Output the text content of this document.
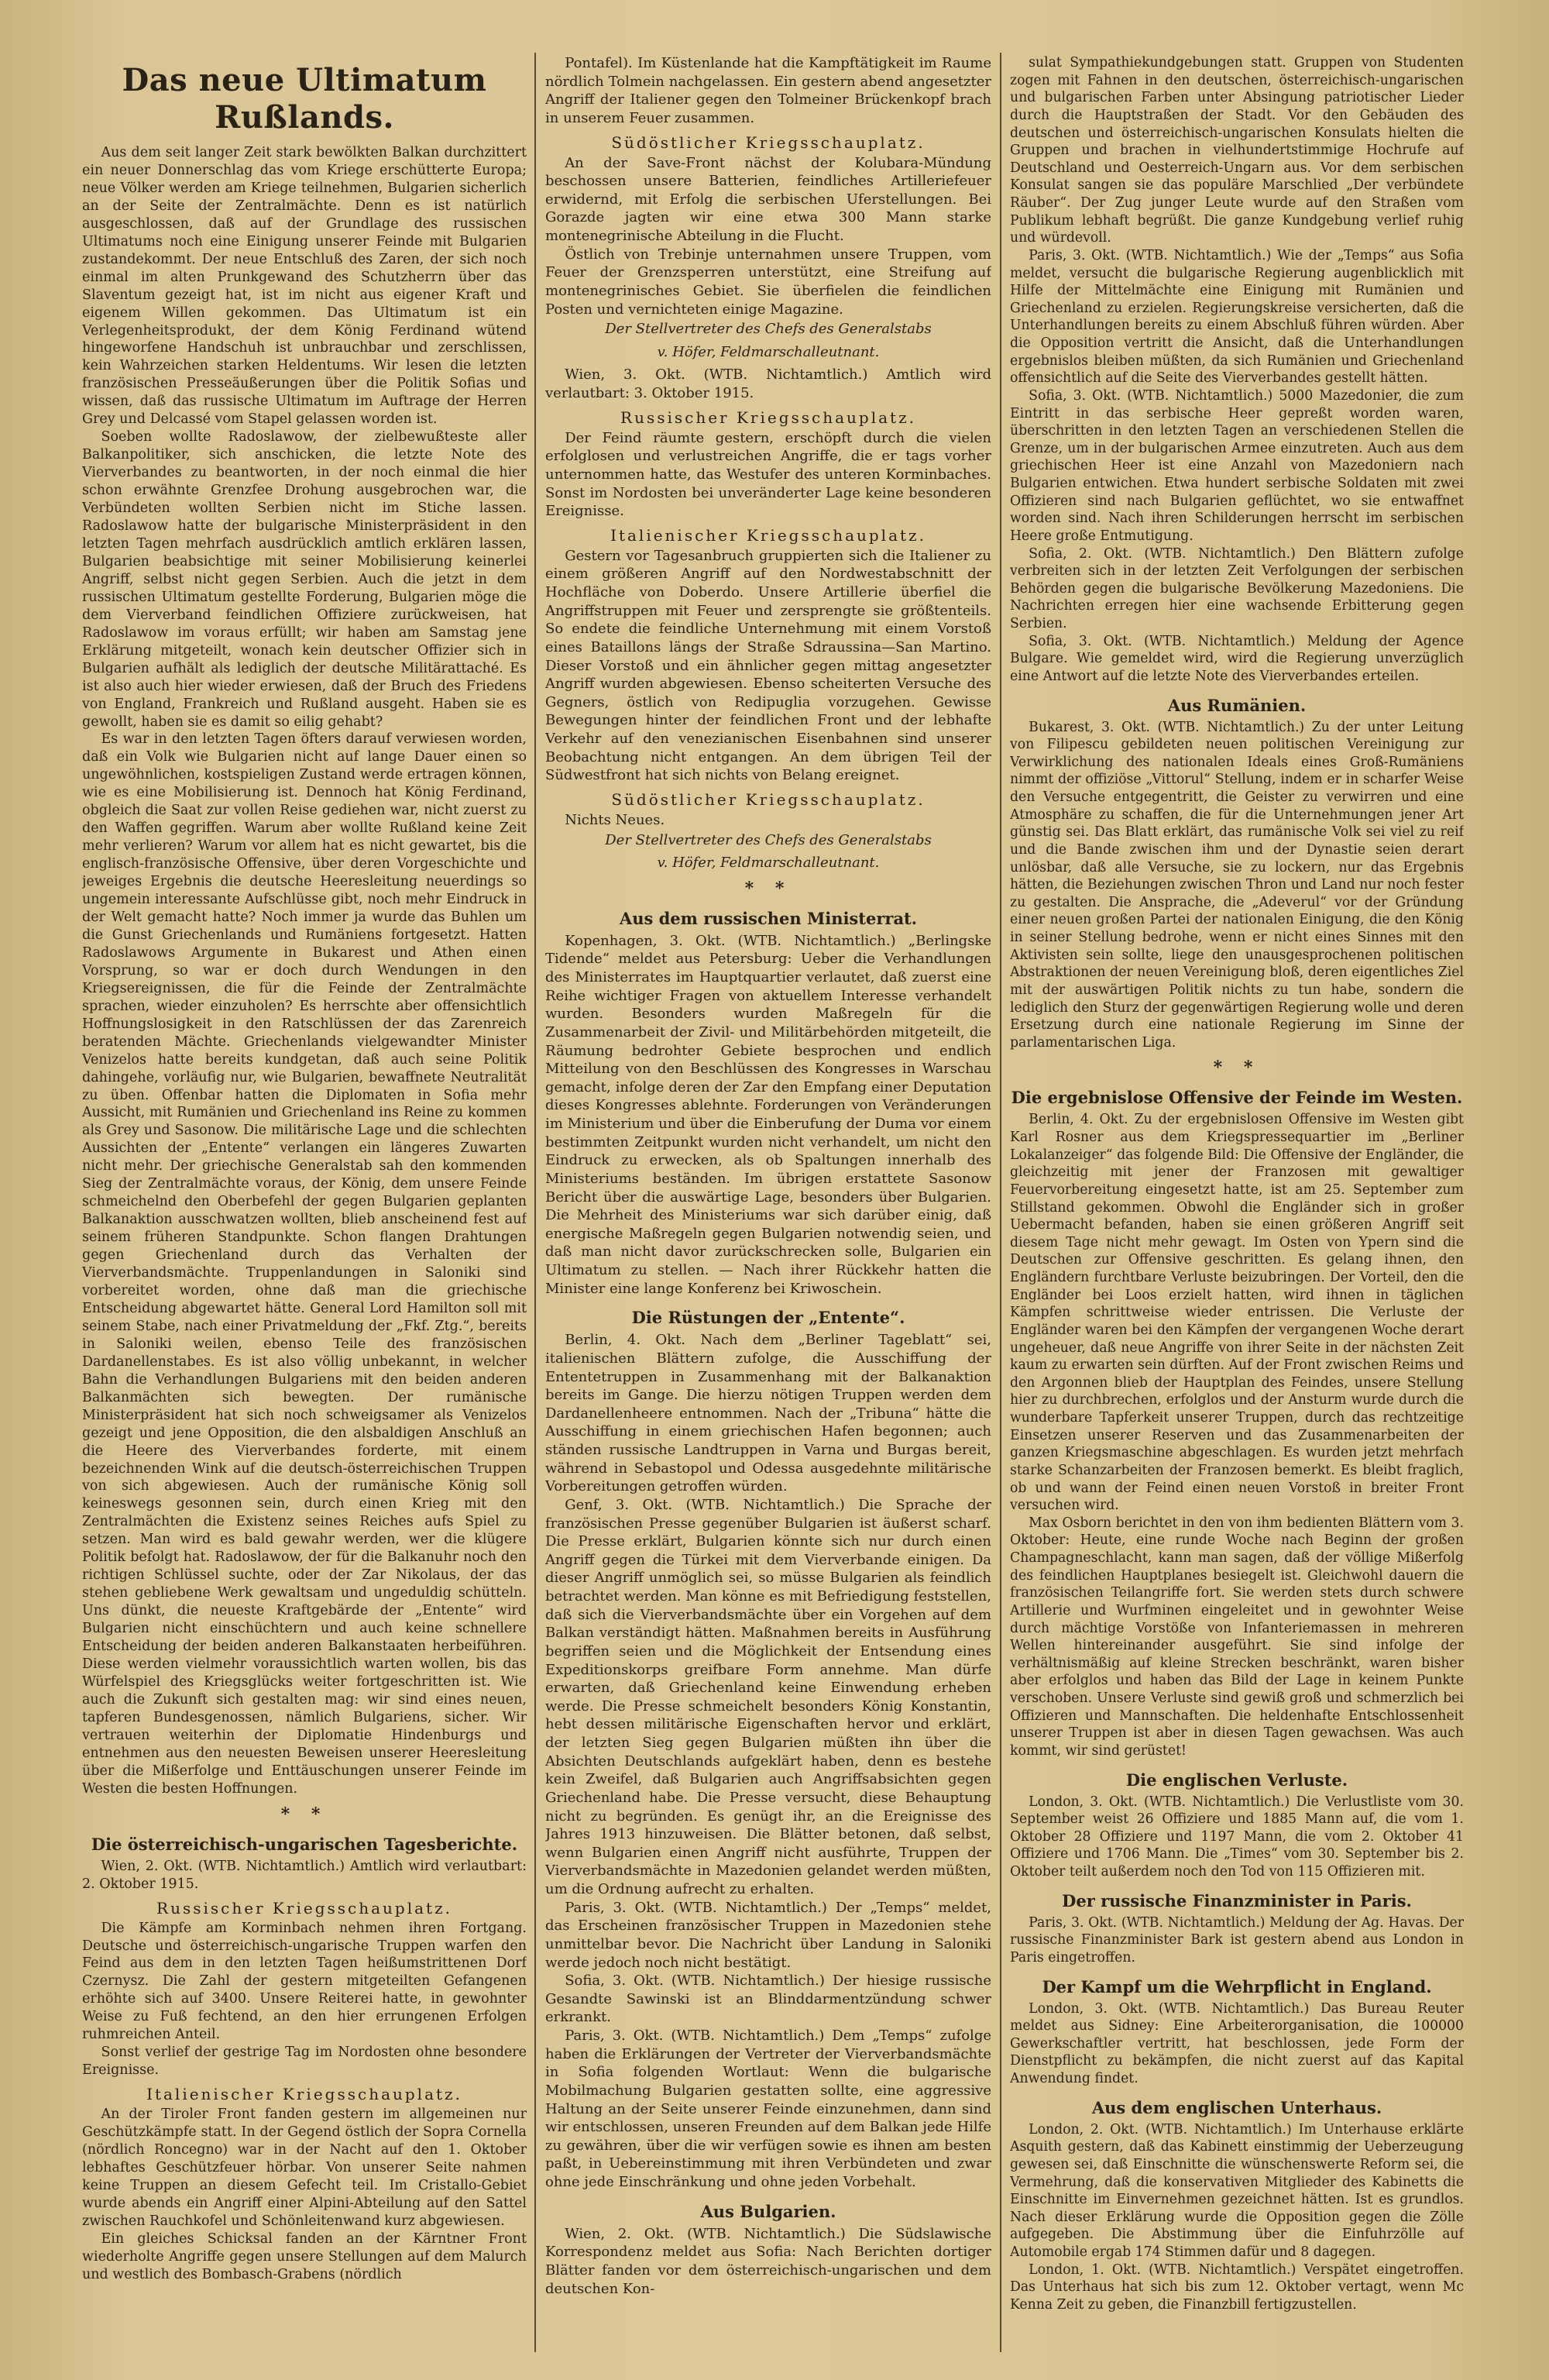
Das neue Ultimatum Rußlands.

Aus dem seit langer Zeit stark bewölkten Balkan durchzittert ein neuer Donnerschlag das vom Kriege erschütterte Europa; neue Völker werden am Kriege teilnehmen, Bulgarien sicherlich an der Seite der Zentralmächte. Denn es ist natürlich ausgeschlossen, daß auf der Grundlage des russischen Ultimatums noch eine Einigung unserer Feinde mit Bulgarien zustandekommt. Der neue Entschluß des Zaren, der sich noch einmal im alten Prunkgewand des Schutzherrn über das Slaventum gezeigt hat, ist im nicht aus eigener Kraft und eigenem Willen gekommen. Das Ultimatum ist ein Verlegenheitsprodukt, der dem König Ferdinand wütend hingeworfene Handschuh ist unbrauchbar und zerschlissen, kein Wahrzeichen starken Heldentums. Wir lesen die letzten französischen Presseäußerungen über die Politik Sofias und wissen, daß das russische Ultimatum im Auftrage der Herren Grey und Delcassé vom Stapel gelassen worden ist.

Soeben wollte Radoslawow, der zielbewußteste aller Balkanpolitiker, sich anschicken, die letzte Note des Vierverbandes zu beantworten, in der noch einmal die hier schon erwähnte Grenzfee Drohung ausgebrochen war, die Verbündeten wollten Serbien nicht im Stiche lassen. Radoslawow hatte der bulgarische Ministerpräsident in den letzten Tagen mehrfach ausdrücklich amtlich erklären lassen, Bulgarien beabsichtige mit seiner Mobilisierung keinerlei Angriff, selbst nicht gegen Serbien. Auch die jetzt in dem russischen Ultimatum gestellte Forderung, Bulgarien möge die dem Vierverband feindlichen Offiziere zurückweisen, hat Radoslawow im voraus erfüllt; wir haben am Samstag jene Erklärung mitgeteilt, wonach kein deutscher Offizier sich in Bulgarien aufhält als lediglich der deutsche Militärattaché. Es ist also auch hier wieder erwiesen, daß der Bruch des Friedens von England, Frankreich und Rußland ausgeht. Haben sie es gewollt, haben sie es damit so eilig gehabt?

Es war in den letzten Tagen öfters darauf verwiesen worden, daß ein Volk wie Bulgarien nicht auf lange Dauer einen so ungewöhnlichen, kostspieligen Zustand werde ertragen können, wie es eine Mobilisierung ist. Dennoch hat König Ferdinand, obgleich die Saat zur vollen Reise gediehen war, nicht zuerst zu den Waffen gegriffen. Warum aber wollte Rußland keine Zeit mehr verlieren? Warum vor allem hat es nicht gewartet, bis die englisch-französische Offensive, über deren Vorgeschichte und jeweiges Ergebnis die deutsche Heeresleitung neuerdings so ungemein interessante Aufschlüsse gibt, noch mehr Eindruck in der Welt gemacht hatte? Noch immer ja wurde das Buhlen um die Gunst Griechenlands und Rumäniens fortgesetzt. Hatten Radoslawows Argumente in Bukarest und Athen einen Vorsprung, so war er doch durch Wendungen in den Kriegsereignissen, die für die Feinde der Zentralmächte sprachen, wieder einzuholen? Es herrschte aber offensichtlich Hoffnungslosigkeit in den Ratschlüssen der das Zarenreich beratenden Mächte. Griechenlands vielgewandter Minister Venizelos hatte bereits kundgetan, daß auch seine Politik dahingehe, vorläufig nur, wie Bulgarien, bewaffnete Neutralität zu üben. Offenbar hatten die Diplomaten in Sofia mehr Aussicht, mit Rumänien und Griechenland ins Reine zu kommen als Grey und Sasonow. Die militärische Lage und die schlechten Aussichten der „Entente“ verlangen ein längeres Zuwarten nicht mehr. Der griechische Generalstab sah den kommenden Sieg der Zentralmächte voraus, der König, dem unsere Feinde schmeichelnd den Oberbefehl der gegen Bulgarien geplanten Balkanaktion ausschwatzen wollten, blieb anscheinend fest auf seinem früheren Standpunkte. Schon flangen Drahtungen gegen Griechenland durch das Verhalten der Vierverbandsmächte. Truppenlandungen in Saloniki sind vorbereitet worden, ohne daß man die griechische Entscheidung abgewartet hätte. General Lord Hamilton soll mit seinem Stabe, nach einer Privatmeldung der „Fkf. Ztg.“, bereits in Saloniki weilen, ebenso Teile des französischen Dardanellenstabes. Es ist also völlig unbekannt, in welcher Bahn die Verhandlungen Bulgariens mit den beiden anderen Balkanmächten sich bewegten. Der rumänische Ministerpräsident hat sich noch schweigsamer als Venizelos gezeigt und jene Opposition, die den alsbaldigen Anschluß an die Heere des Vierverbandes forderte, mit einem bezeichnenden Wink auf die deutsch-österreichischen Truppen von sich abgewiesen. Auch der rumänische König soll keineswegs gesonnen sein, durch einen Krieg mit den Zentralmächten die Existenz seines Reiches aufs Spiel zu setzen. Man wird es bald gewahr werden, wer die klügere Politik befolgt hat. Radoslawow, der für die Balkanuhr noch den richtigen Schlüssel suchte, oder der Zar Nikolaus, der das stehen gebliebene Werk gewaltsam und ungeduldig schütteln. Uns dünkt, die neueste Kraftgebärde der „Entente“ wird Bulgarien nicht einschüchtern und auch keine schnellere Entscheidung der beiden anderen Balkanstaaten herbeiführen. Diese werden vielmehr voraussichtlich warten wollen, bis das Würfelspiel des Kriegsglücks weiter fortgeschritten ist. Wie auch die Zukunft sich gestalten mag: wir sind eines neuen, tapferen Bundesgenossen, nämlich Bulgariens, sicher. Wir vertrauen weiterhin der Diplomatie Hindenburgs und entnehmen aus den neuesten Beweisen unserer Heeresleitung über die Mißerfolge und Enttäuschungen unserer Feinde im Westen die besten Hoffnungen.

* *
Die österreichisch-ungarischen Tagesberichte.

Wien, 2. Okt. (WTB. Nichtamtlich.) Amtlich wird verlautbart: 2. Oktober 1915.

Russischer Kriegsschauplatz.

Die Kämpfe am Korminbach nehmen ihren Fortgang. Deutsche und österreichisch-ungarische Truppen warfen den Feind aus dem in den letzten Tagen heißumstrittenen Dorf Czernysz. Die Zahl der gestern mitgeteilten Gefangenen erhöhte sich auf 3400. Unsere Reiterei hatte, in gewohnter Weise zu Fuß fechtend, an den hier errungenen Erfolgen ruhmreichen Anteil.

Sonst verlief der gestrige Tag im Nordosten ohne besondere Ereignisse.

Italienischer Kriegsschauplatz.

An der Tiroler Front fanden gestern im allgemeinen nur Geschützkämpfe statt. In der Gegend östlich der Sopra Cornella (nördlich Roncegno) war in der Nacht auf den 1. Oktober lebhaftes Geschützfeuer hörbar. Von unserer Seite nahmen keine Truppen an diesem Gefecht teil. Im Cristallo-Gebiet wurde abends ein Angriff einer Alpini-Abteilung auf den Sattel zwischen Rauchkofel und Schönleitenwand kurz abgewiesen.

Ein gleiches Schicksal fanden an der Kärntner Front wiederholte Angriffe gegen unsere Stellungen auf dem Malurch und westlich des Bombasch-Grabens (nördlich

Pontafel). Im Küstenlande hat die Kampftätigkeit im Raume nördlich Tolmein nachgelassen. Ein gestern abend angesetzter Angriff der Italiener gegen den Tolmeiner Brückenkopf brach in unserem Feuer zusammen.

Südöstlicher Kriegsschauplatz.

An der Save-Front nächst der Kolubara-Mündung beschossen unsere Batterien, feindliches Artilleriefeuer erwidernd, mit Erfolg die serbischen Uferstellungen. Bei Gorazde jagten wir eine etwa 300 Mann starke montenegrinische Abteilung in die Flucht.

Östlich von Trebinje unternahmen unsere Truppen, vom Feuer der Grenzsperren unterstützt, eine Streifung auf montenegrinisches Gebiet. Sie überfielen die feindlichen Posten und vernichteten einige Magazine.

Der Stellvertreter des Chefs des Generalstabs
v. Höfer, Feldmarschalleutnant.

Wien, 3. Okt. (WTB. Nichtamtlich.) Amtlich wird verlautbart: 3. Oktober 1915.

Russischer Kriegsschauplatz.

Der Feind räumte gestern, erschöpft durch die vielen erfolglosen und verlustreichen Angriffe, die er tags vorher unternommen hatte, das Westufer des unteren Korminbaches. Sonst im Nordosten bei unveränderter Lage keine besonderen Ereignisse.

Italienischer Kriegsschauplatz.

Gestern vor Tagesanbruch gruppierten sich die Italiener zu einem größeren Angriff auf den Nordwestabschnitt der Hochfläche von Doberdo. Unsere Artillerie überfiel die Angriffstruppen mit Feuer und zersprengte sie größtenteils. So endete die feindliche Unternehmung mit einem Vorstoß eines Bataillons längs der Straße Sdraussina—San Martino. Dieser Vorstoß und ein ähnlicher gegen mittag angesetzter Angriff wurden abgewiesen. Ebenso scheiterten Versuche des Gegners, östlich von Redipuglia vorzugehen. Gewisse Bewegungen hinter der feindlichen Front und der lebhafte Verkehr auf den venezianischen Eisenbahnen sind unserer Beobachtung nicht entgangen. An dem übrigen Teil der Südwestfront hat sich nichts von Belang ereignet.

Südöstlicher Kriegsschauplatz.

Nichts Neues.

Der Stellvertreter des Chefs des Generalstabs
v. Höfer, Feldmarschalleutnant.
* *
Aus dem russischen Ministerrat.

Kopenhagen, 3. Okt. (WTB. Nichtamtlich.) „Berlingske Tidende“ meldet aus Petersburg: Ueber die Verhandlungen des Ministerrates im Hauptquartier verlautet, daß zuerst eine Reihe wichtiger Fragen von aktuellem Interesse verhandelt wurden. Besonders wurden Maßregeln für die Zusammenarbeit der Zivil- und Militärbehörden mitgeteilt, die Räumung bedrohter Gebiete besprochen und endlich Mitteilung von den Beschlüssen des Kongresses in Warschau gemacht, infolge deren der Zar den Empfang einer Deputation dieses Kongresses ablehnte. Forderungen von Veränderungen im Ministerium und über die Einberufung der Duma vor einem bestimmten Zeitpunkt wurden nicht verhandelt, um nicht den Eindruck zu erwecken, als ob Spaltungen innerhalb des Ministeriums beständen. Im übrigen erstattete Sasonow Bericht über die auswärtige Lage, besonders über Bulgarien. Die Mehrheit des Ministeriums war sich darüber einig, daß energische Maßregeln gegen Bulgarien notwendig seien, und daß man nicht davor zurückschrecken solle, Bulgarien ein Ultimatum zu stellen. — Nach ihrer Rückkehr hatten die Minister eine lange Konferenz bei Kriwoschein.

Die Rüstungen der „Entente“.

Berlin, 4. Okt. Nach dem „Berliner Tageblatt“ sei, italienischen Blättern zufolge, die Ausschiffung der Ententetruppen in Zusammenhang mit der Balkanaktion bereits im Gange. Die hierzu nötigen Truppen werden dem Dardanellenheere entnommen. Nach der „Tribuna“ hätte die Ausschiffung in einem griechischen Hafen begonnen; auch ständen russische Landtruppen in Varna und Burgas bereit, während in Sebastopol und Odessa ausgedehnte militärische Vorbereitungen getroffen würden.

Genf, 3. Okt. (WTB. Nichtamtlich.) Die Sprache der französischen Presse gegenüber Bulgarien ist äußerst scharf. Die Presse erklärt, Bulgarien könnte sich nur durch einen Angriff gegen die Türkei mit dem Vierverbande einigen. Da dieser Angriff unmöglich sei, so müsse Bulgarien als feindlich betrachtet werden. Man könne es mit Befriedigung feststellen, daß sich die Vierverbandsmächte über ein Vorgehen auf dem Balkan verständigt hätten. Maßnahmen bereits in Ausführung begriffen seien und die Möglichkeit der Entsendung eines Expeditionskorps greifbare Form annehme. Man dürfe erwarten, daß Griechenland keine Einwendung erheben werde. Die Presse schmeichelt besonders König Konstantin, hebt dessen militärische Eigenschaften hervor und erklärt, der letzten Sieg gegen Bulgarien müßten ihn über die Absichten Deutschlands aufgeklärt haben, denn es bestehe kein Zweifel, daß Bulgarien auch Angriffsabsichten gegen Griechenland habe. Die Presse versucht, diese Behauptung nicht zu begründen. Es genügt ihr, an die Ereignisse des Jahres 1913 hinzuweisen. Die Blätter betonen, daß selbst, wenn Bulgarien einen Angriff nicht ausführte, Truppen der Vierverbandsmächte in Mazedonien gelandet werden müßten, um die Ordnung aufrecht zu erhalten.

Paris, 3. Okt. (WTB. Nichtamtlich.) Der „Temps“ meldet, das Erscheinen französischer Truppen in Mazedonien stehe unmittelbar bevor. Die Nachricht über Landung in Saloniki werde jedoch noch nicht bestätigt.

Sofia, 3. Okt. (WTB. Nichtamtlich.) Der hiesige russische Gesandte Sawinski ist an Blinddarmentzündung schwer erkrankt.

Paris, 3. Okt. (WTB. Nichtamtlich.) Dem „Temps“ zufolge haben die Erklärungen der Vertreter der Vierverbandsmächte in Sofia folgenden Wortlaut: Wenn die bulgarische Mobilmachung Bulgarien gestatten sollte, eine aggressive Haltung an der Seite unserer Feinde einzunehmen, dann sind wir entschlossen, unseren Freunden auf dem Balkan jede Hilfe zu gewähren, über die wir verfügen sowie es ihnen am besten paßt, in Uebereinstimmung mit ihren Verbündeten und zwar ohne jede Einschränkung und ohne jeden Vorbehalt.

Aus Bulgarien.

Wien, 2. Okt. (WTB. Nichtamtlich.) Die Südslawische Korrespondenz meldet aus Sofia: Nach Berichten dortiger Blätter fanden vor dem österreichisch-ungarischen und dem deutschen Kon-

sulat Sympathiekundgebungen statt. Gruppen von Studenten zogen mit Fahnen in den deutschen, österreichisch-ungarischen und bulgarischen Farben unter Absingung patriotischer Lieder durch die Hauptstraßen der Stadt. Vor den Gebäuden des deutschen und österreichisch-ungarischen Konsulats hielten die Gruppen und brachen in vielhundertstimmige Hochrufe auf Deutschland und Oesterreich-Ungarn aus. Vor dem serbischen Konsulat sangen sie das populäre Marschlied „Der verbündete Räuber“. Der Zug junger Leute wurde auf den Straßen vom Publikum lebhaft begrüßt. Die ganze Kundgebung verlief ruhig und würdevoll.

Paris, 3. Okt. (WTB. Nichtamtlich.) Wie der „Temps“ aus Sofia meldet, versucht die bulgarische Regierung augenblicklich mit Hilfe der Mittelmächte eine Einigung mit Rumänien und Griechenland zu erzielen. Regierungskreise versicherten, daß die Unterhandlungen bereits zu einem Abschluß führen würden. Aber die Opposition vertritt die Ansicht, daß die Unterhandlungen ergebnislos bleiben müßten, da sich Rumänien und Griechenland offensichtlich auf die Seite des Vierverbandes gestellt hätten.

Sofia, 3. Okt. (WTB. Nichtamtlich.) 5000 Mazedonier, die zum Eintritt in das serbische Heer gepreßt worden waren, überschritten in den letzten Tagen an verschiedenen Stellen die Grenze, um in der bulgarischen Armee einzutreten. Auch aus dem griechischen Heer ist eine Anzahl von Mazedoniern nach Bulgarien entwichen. Etwa hundert serbische Soldaten mit zwei Offizieren sind nach Bulgarien geflüchtet, wo sie entwaffnet worden sind. Nach ihren Schilderungen herrscht im serbischen Heere große Entmutigung.

Sofia, 2. Okt. (WTB. Nichtamtlich.) Den Blättern zufolge verbreiten sich in der letzten Zeit Verfolgungen der serbischen Behörden gegen die bulgarische Bevölkerung Mazedoniens. Die Nachrichten erregen hier eine wachsende Erbitterung gegen Serbien.

Sofia, 3. Okt. (WTB. Nichtamtlich.) Meldung der Agence Bulgare. Wie gemeldet wird, wird die Regierung unverzüglich eine Antwort auf die letzte Note des Vierverbandes erteilen.

Aus Rumänien.

Bukarest, 3. Okt. (WTB. Nichtamtlich.) Zu der unter Leitung von Filipescu gebildeten neuen politischen Vereinigung zur Verwirklichung des nationalen Ideals eines Groß-Rumäniens nimmt der offiziöse „Vittorul“ Stellung, indem er in scharfer Weise den Versuche entgegentritt, die Geister zu verwirren und eine Atmosphäre zu schaffen, die für die Unternehmungen jener Art günstig sei. Das Blatt erklärt, das rumänische Volk sei viel zu reif und die Bande zwischen ihm und der Dynastie seien derart unlösbar, daß alle Versuche, sie zu lockern, nur das Ergebnis hätten, die Beziehungen zwischen Thron und Land nur noch fester zu gestalten. Die Ansprache, die „Adeverul“ vor der Gründung einer neuen großen Partei der nationalen Einigung, die den König in seiner Stellung bedrohe, wenn er nicht eines Sinnes mit den Aktivisten sein sollte, liege den unausgesprochenen politischen Abstraktionen der neuen Vereinigung bloß, deren eigentliches Ziel mit der auswärtigen Politik nichts zu tun habe, sondern die lediglich den Sturz der gegenwärtigen Regierung wolle und deren Ersetzung durch eine nationale Regierung im Sinne der parlamentarischen Liga.

* *
Die ergebnislose Offensive der Feinde im Westen.

Berlin, 4. Okt. Zu der ergebnislosen Offensive im Westen gibt Karl Rosner aus dem Kriegspressequartier im „Berliner Lokalanzeiger“ das folgende Bild: Die Offensive der Engländer, die gleichzeitig mit jener der Franzosen mit gewaltiger Feuervorbereitung eingesetzt hatte, ist am 25. September zum Stillstand gekommen. Obwohl die Engländer sich in großer Uebermacht befanden, haben sie einen größeren Angriff seit diesem Tage nicht mehr gewagt. Im Osten von Ypern sind die Deutschen zur Offensive geschritten. Es gelang ihnen, den Engländern furchtbare Verluste beizubringen. Der Vorteil, den die Engländer bei Loos erzielt hatten, wird ihnen in täglichen Kämpfen schrittweise wieder entrissen. Die Verluste der Engländer waren bei den Kämpfen der vergangenen Woche derart ungeheuer, daß neue Angriffe von ihrer Seite in der nächsten Zeit kaum zu erwarten sein dürften. Auf der Front zwischen Reims und den Argonnen blieb der Hauptplan des Feindes, unsere Stellung hier zu durchbrechen, erfolglos und der Ansturm wurde durch die wunderbare Tapferkeit unserer Truppen, durch das rechtzeitige Einsetzen unserer Reserven und das Zusammenarbeiten der ganzen Kriegsmaschine abgeschlagen. Es wurden jetzt mehrfach starke Schanzarbeiten der Franzosen bemerkt. Es bleibt fraglich, ob und wann der Feind einen neuen Vorstoß in breiter Front versuchen wird.

Max Osborn berichtet in den von ihm bedienten Blättern vom 3. Oktober: Heute, eine runde Woche nach Beginn der großen Champagneschlacht, kann man sagen, daß der völlige Mißerfolg des feindlichen Hauptplanes besiegelt ist. Gleichwohl dauern die französischen Teilangriffe fort. Sie werden stets durch schwere Artillerie und Wurfminen eingeleitet und in gewohnter Weise durch mächtige Vorstöße von Infanteriemassen in mehreren Wellen hintereinander ausgeführt. Sie sind infolge der verhältnismäßig auf kleine Strecken beschränkt, waren bisher aber erfolglos und haben das Bild der Lage in keinem Punkte verschoben. Unsere Verluste sind gewiß groß und schmerzlich bei Offizieren und Mannschaften. Die heldenhafte Entschlossenheit unserer Truppen ist aber in diesen Tagen gewachsen. Was auch kommt, wir sind gerüstet!

Die englischen Verluste.

London, 3. Okt. (WTB. Nichtamtlich.) Die Verlustliste vom 30. September weist 26 Offiziere und 1885 Mann auf, die vom 1. Oktober 28 Offiziere und 1197 Mann, die vom 2. Oktober 41 Offiziere und 1706 Mann. Die „Times“ vom 30. September bis 2. Oktober teilt außerdem noch den Tod von 115 Offizieren mit.

Der russische Finanzminister in Paris.

Paris, 3. Okt. (WTB. Nichtamtlich.) Meldung der Ag. Havas. Der russische Finanzminister Bark ist gestern abend aus London in Paris eingetroffen.

Der Kampf um die Wehrpflicht in England.

London, 3. Okt. (WTB. Nichtamtlich.) Das Bureau Reuter meldet aus Sidney: Eine Arbeiterorganisation, die 100000 Gewerkschaftler vertritt, hat beschlossen, jede Form der Dienstpflicht zu bekämpfen, die nicht zuerst auf das Kapital Anwendung findet.

Aus dem englischen Unterhaus.

London, 2. Okt. (WTB. Nichtamtlich.) Im Unterhause erklärte Asquith gestern, daß das Kabinett einstimmig der Ueberzeugung gewesen sei, daß Einschnitte die wünschenswerte Reform sei, die Vermehrung, daß die konservativen Mitglieder des Kabinetts die Einschnitte im Einvernehmen gezeichnet hätten. Ist es grundlos. Nach dieser Erklärung wurde die Opposition gegen die Zölle aufgegeben. Die Abstimmung über die Einfuhrzölle auf Automobile ergab 174 Stimmen dafür und 8 dagegen.

London, 1. Okt. (WTB. Nichtamtlich.) Verspätet eingetroffen. Das Unterhaus hat sich bis zum 12. Oktober vertagt, wenn Mc Kenna Zeit zu geben, die Finanzbill fertigzustellen.
